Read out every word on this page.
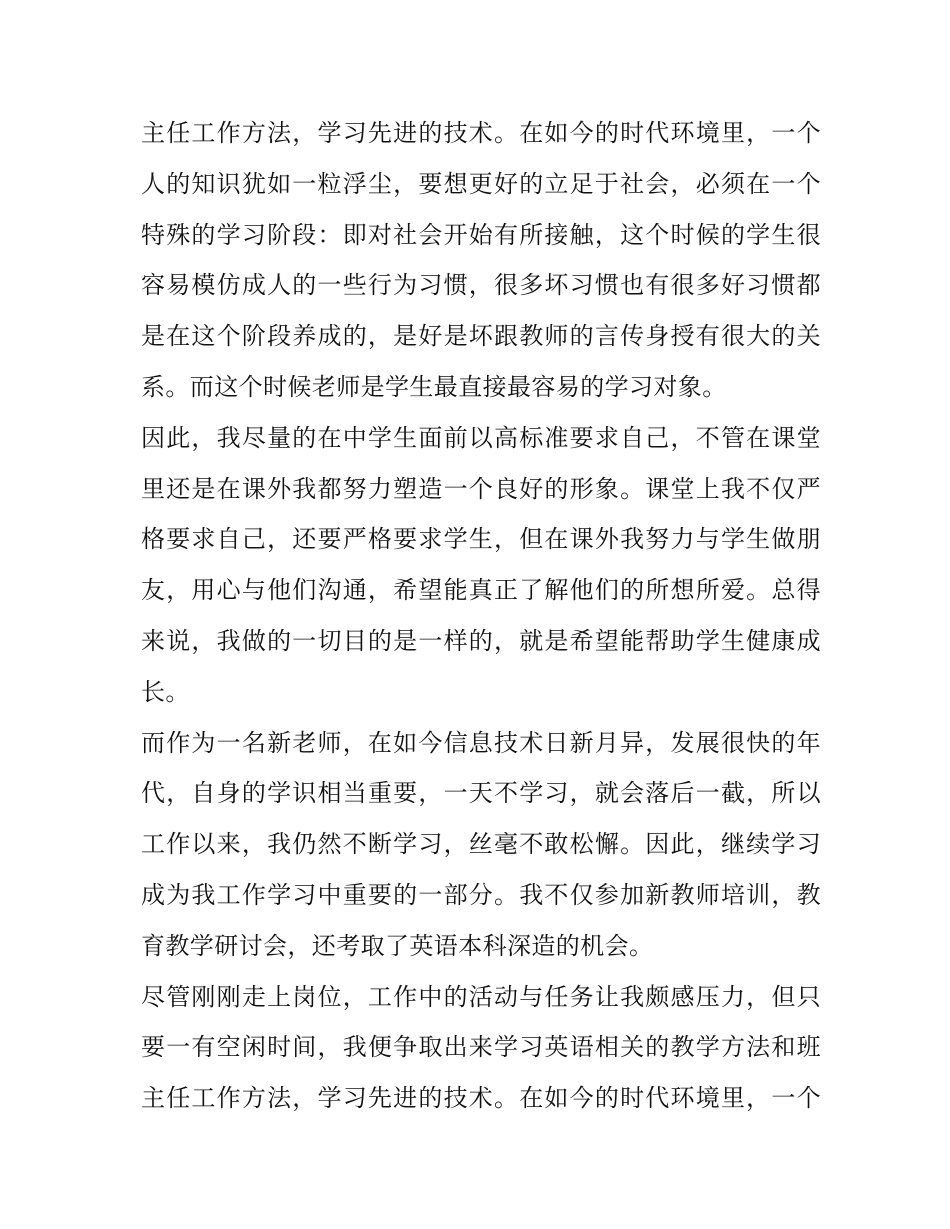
主任工作方法，学习先进的技术。在如今的时代环境里，一个
人的知识犹如一粒浮尘，要想更好的立足于社会，必须在一个
特殊的学习阶段：即对社会开始有所接触，这个时候的学生很
容易模仿成人的一些行为习惯，很多坏习惯也有很多好习惯都
是在这个阶段养成的，是好是坏跟教师的言传身授有很大的关
系。而这个时候老师是学生最直接最容易的学习对象。
因此，我尽量的在中学生面前以高标准要求自己，不管在课堂
里还是在课外我都努力塑造一个良好的形象。课堂上我不仅严
格要求自己，还要严格要求学生，但在课外我努力与学生做朋
友，用心与他们沟通，希望能真正了解他们的所想所爱。总得
来说，我做的一切目的是一样的，就是希望能帮助学生健康成
长。
而作为一名新老师，在如今信息技术日新月异，发展很快的年
代，自身的学识相当重要，一天不学习，就会落后一截，所以
工作以来，我仍然不断学习，丝毫不敢松懈。因此，继续学习
成为我工作学习中重要的一部分。我不仅参加新教师培训，教
育教学研讨会，还考取了英语本科深造的机会。
尽管刚刚走上岗位，工作中的活动与任务让我颇感压力，但只
要一有空闲时间，我便争取出来学习英语相关的教学方法和班
主任工作方法，学习先进的技术。在如今的时代环境里，一个
